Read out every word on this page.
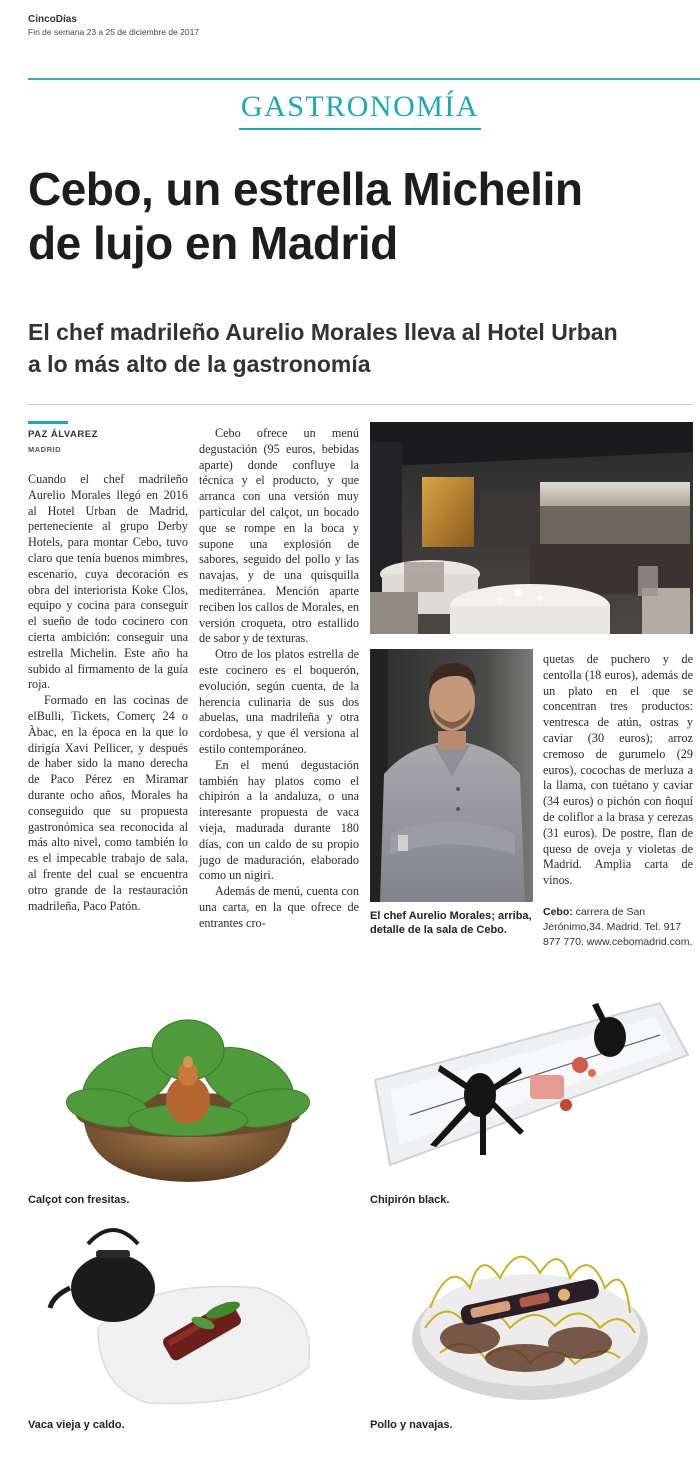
CincoDías
Fin de semana 23 a 25 de diciembre de 2017
GASTRONOMÍA
Cebo, un estrella Michelin
de lujo en Madrid
El chef madrileño Aurelio Morales lleva al Hotel Urban
a lo más alto de la gastronomía
PAZ ÁLVAREZ
MADRID

Cuando el chef madrileño Aurelio Morales llegó en 2016 al Hotel Urban de Madrid, perteneciente al grupo Derby Hotels, para montar Cebo, tuvo claro que tenía buenos mimbres, escenario, cuya decoración es obra del interiorista Koke Clos, equipo y cocina para conseguir el sueño de todo cocinero con cierta ambición: conseguir una estrella Michelin. Este año ha subido al firmamento de la guía roja.

Formado en las cocinas de elBulli, Tickets, Comerç 24 o Àbac, en la época en la que lo dirigía Xavi Pellicer, y después de haber sido la mano derecha de Paco Pérez en Miramar durante ocho años, Morales ha conseguido que su propuesta gastronómica sea reconocida al más alto nivel, como también lo es el impecable trabajo de sala, al frente del cual se encuentra otro grande de la restauración madrileña, Paco Patón.

Cebo ofrece un menú degustación (95 euros, bebidas aparte) donde confluye la técnica y el producto, y que arranca con una versión muy particular del calçot, un bocado que se rompe en la boca y supone una explosión de sabores, seguido del pollo y las navajas, y de una quisquilla mediterránea. Mención aparte reciben los callos de Morales, en versión croqueta, otro estallido de sabor y de texturas.

Otro de los platos estrella de este cocinero es el boquerón, evolución, según cuenta, de la herencia culinaria de sus dos abuelas, una madrileña y otra cordobesa, y que él versiona al estilo contemporáneo.

En el menú degustación también hay platos como el chipirón a la andaluza, o una interesante propuesta de vaca vieja, madurada durante 180 días, con un caldo de su propio jugo de maduración, elaborado como un nigiri.

Además de menú, cuenta con una carta, en la que ofrece de entrantes cro-	El chef Aurelio Morales; arriba, detalle de la sala de Cebo.

quetas de puchero y de centolla (18 euros), además de un plato en el que se concentran tres productos: ventresca de atún, ostras y caviar (30 euros); arroz cremoso de gurumelo (29 euros), cocochas de merluza a la llama, con tuétano y caviar (34 euros) o pichón con ñoquí de coliflor a la brasa y cerezas (31 euros). De postre, flan de queso de oveja y violetas de Madrid. Amplia carta de vinos.

Cebo: carrera de San Jerónimo,34. Madrid. Tel. 917 877 770. www.cebomadrid.com.
Calçot con fresitas.	Chipirón black.
Vaca vieja y caldo.	Pollo y navajas.
